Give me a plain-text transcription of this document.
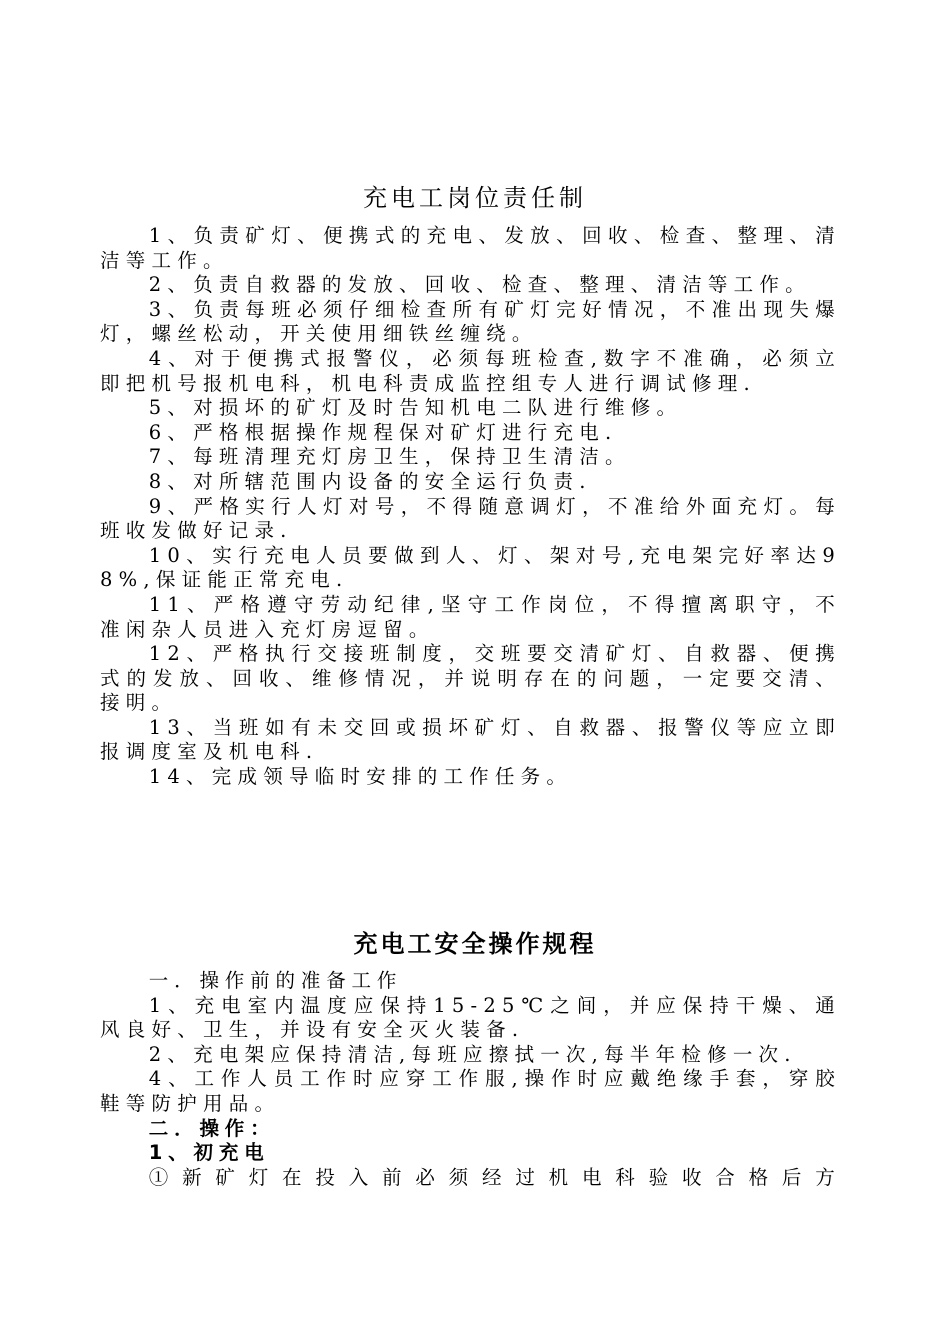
充电工岗位责任制

1、负责矿灯、便携式的充电、发放、回收、检查、整理、清洁等工作。

2、负责自救器的发放、回收、检查、整理、清洁等工作。

3、负责每班必须仔细检查所有矿灯完好情况，不准出现失爆灯，螺丝松动，开关使用细铁丝缠绕。

4、对于便携式报警仪，必须每班检查,数字不准确，必须立即把机号报机电科，机电科责成监控组专人进行调试修理.

5、对损坏的矿灯及时告知机电二队进行维修。

6、严格根据操作规程保对矿灯进行充电.

7、每班清理充灯房卫生，保持卫生清洁。

8、对所辖范围内设备的安全运行负责.

9、严格实行人灯对号，不得随意调灯，不准给外面充灯。每班收发做好记录.

10、实行充电人员要做到人、灯、架对号,充电架完好率达98%,保证能正常充电.

11、严格遵守劳动纪律,坚守工作岗位，不得擅离职守，不准闲杂人员进入充灯房逗留。

12、严格执行交接班制度，交班要交清矿灯、自救器、便携式的发放、回收、维修情况，并说明存在的问题，一定要交清、接明。

13、当班如有未交回或损坏矿灯、自救器、报警仪等应立即报调度室及机电科.

14、完成领导临时安排的工作任务。

充电工安全操作规程

一．操作前的准备工作

1、充电室内温度应保持15-25℃之间，并应保持干燥、通风良好、卫生，并设有安全灭火装备.

2、充电架应保持清洁,每班应擦拭一次,每半年检修一次.

4、工作人员工作时应穿工作服,操作时应戴绝缘手套，穿胶鞋等防护用品。

二．操作：

1、初充电

①新矿灯在投入前必须经过机电科验收合格后方
